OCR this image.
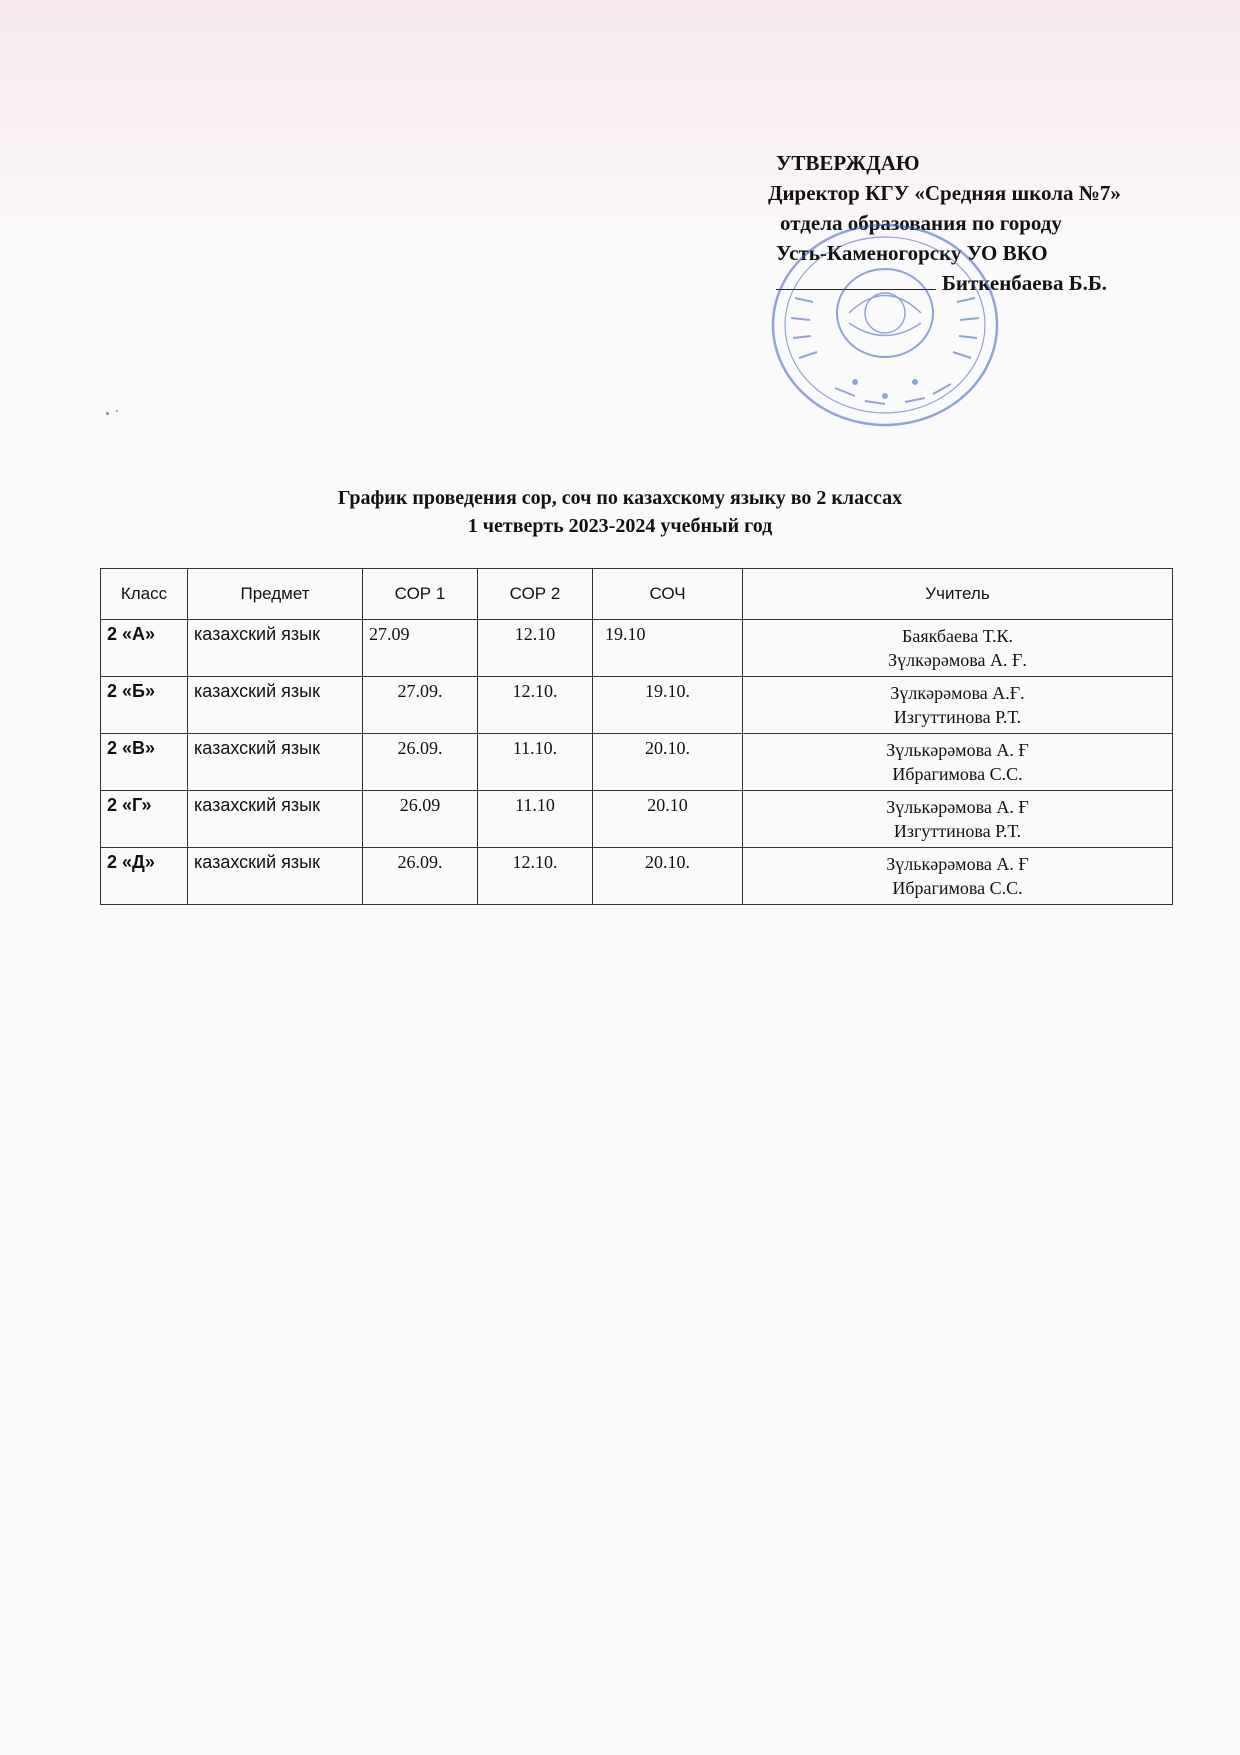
УТВЕРЖДАЮ
Директор КГУ «Средняя школа №7»
отдела образования по городу
Усть-Каменогорску УО ВКО
Биткенбаева Б.Б.
График проведения сор, соч по казахскому языку во 2 классах
1 четверть 2023-2024 учебный год
Класс	Предмет	СОР 1	СОР 2	СОЧ	Учитель
2 «А»	казахский язык	27.09	12.10	19.10	Баякбаева Т.К.
Зүлкәрәмова А. Ғ.

2 «Б»	казахский язык	27.09.	12.10.	19.10.	Зүлкәрәмова А.Ғ.
Изгуттинова Р.Т.

2 «В»	казахский язык	26.09.	11.10.	20.10.	Зүлькәрәмова А. Ғ
Ибрагимова С.С.

2 «Г»	казахский язык	26.09	11.10	20.10	Зүлькәрәмова А. Ғ
Изгуттинова Р.Т.

2 «Д»	казахский язык	26.09.	12.10.	20.10.	Зүлькәрәмова А. Ғ
Ибрагимова С.С.
